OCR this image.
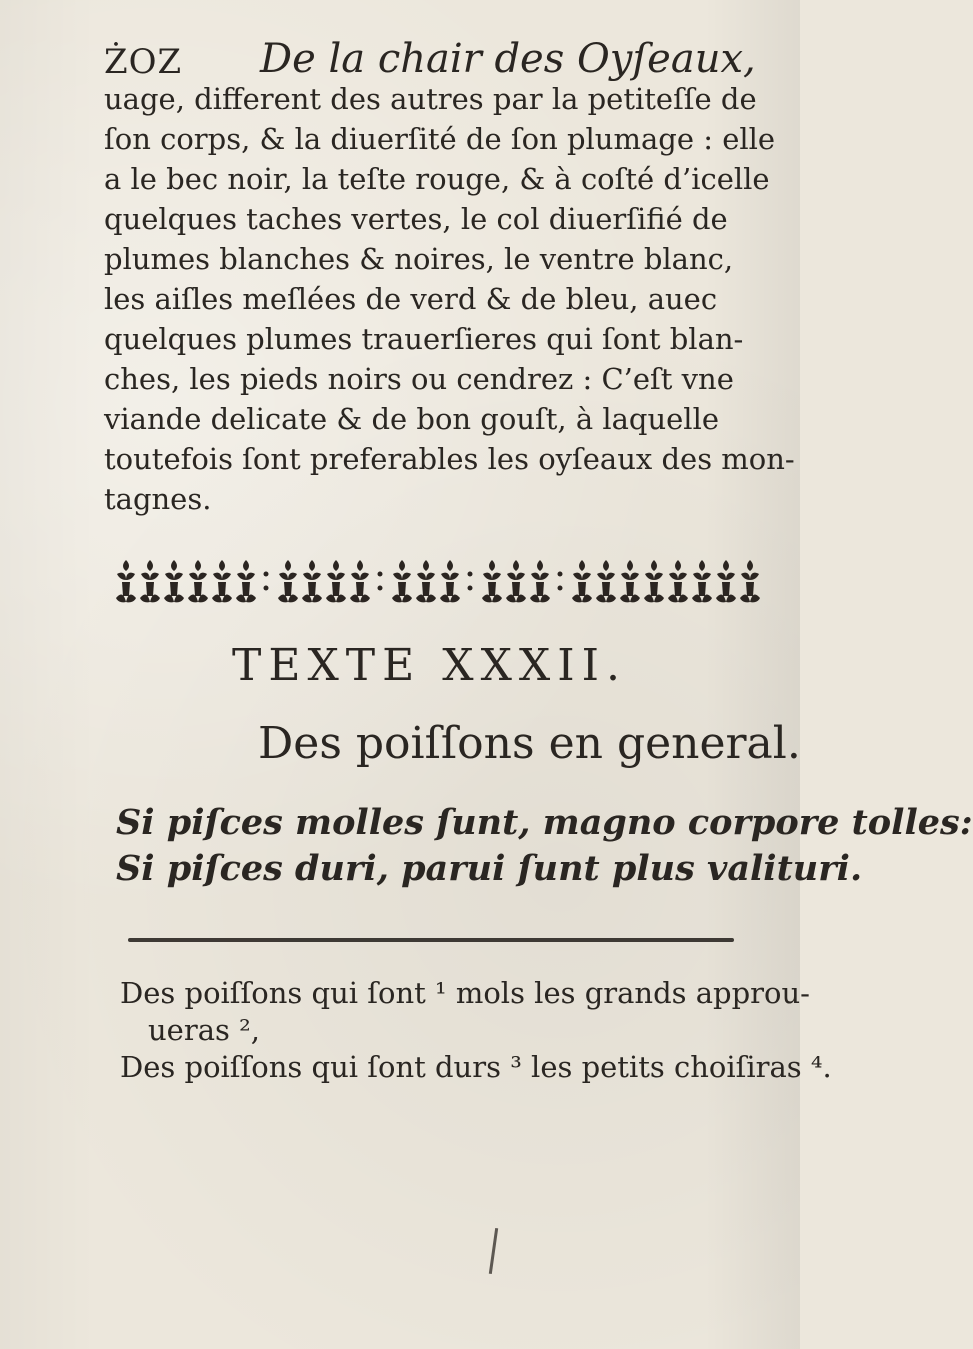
ŻOZ De la chair des Oyſeaux,
uage, different des autres par la petiteſſe de
ſon corps, & la diuerſité de ſon plumage : elle
a le bec noir, la teſte rouge, & à coſté d’icelle
quelques taches vertes, le col diuerſifié de
plumes blanches & noires, le ventre blanc,
les aiſles meſlées de verd & de bleu, auec
quelques plumes trauerſieres qui ſont blan-
ches, les pieds noirs ou cendrez : C’eſt vne
viande delicate & de bon gouſt, à laquelle
toutefois ſont preferables les oyſeaux des mon-
tagnes.
TEXTE XXXII.
Des poiſſons en general.
Si piſces molles ſunt, magno corpore tolles:
Si piſces duri, parui ſunt plus valituri.
Des poiſſons qui ſont ¹ mols les grands approu-
ueras ²,
Des poiſſons qui ſont durs ³ les petits choiſiras ⁴.
